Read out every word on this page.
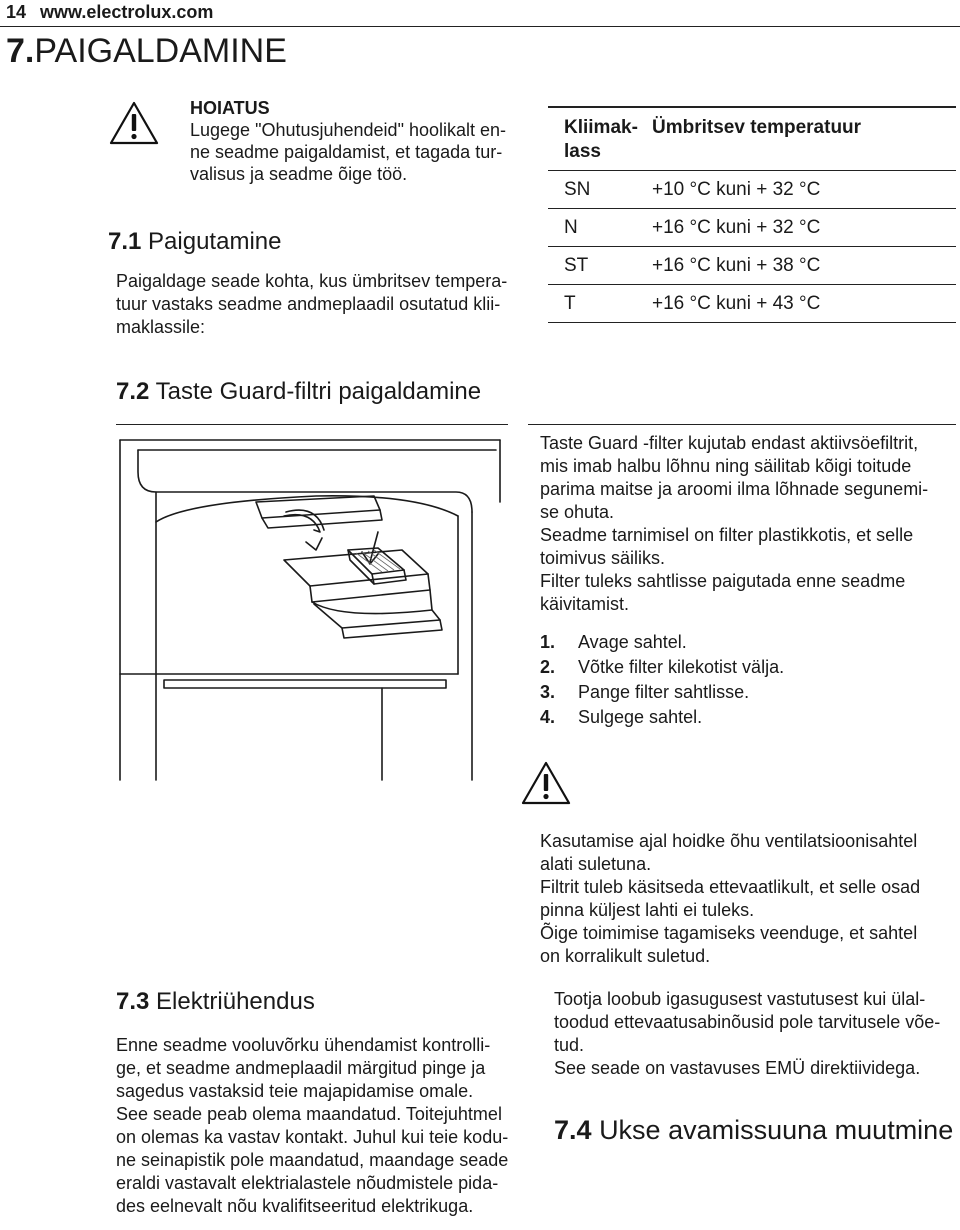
14 www.electrolux.com
7.PAIGALDAMINE
HOIATUS
Lugege "Ohutusjuhendeid" hoolikalt en-
ne seadme paigaldamist, et tagada tur-
valisus ja seadme õige töö.
7.1 Paigutamine
Paigaldage seade kohta, kus ümbritsev tempera-
tuur vastaks seadme andmeplaadil osutatud klii-
maklassile:
Kliimak-
lass	Ümbritsev temperatuur
SN	+10 °C kuni + 32 °C
N	+16 °C kuni + 32 °C
ST	+16 °C kuni + 38 °C
T	+16 °C kuni + 43 °C
7.2 Taste Guard-filtri paigaldamine
Taste Guard -filter kujutab endast aktiivsöefiltrit,
mis imab halbu lõhnu ning säilitab kõigi toitude
parima maitse ja aroomi ilma lõhnade segunemi-
se ohuta.
Seadme tarnimisel on filter plastikkotis, et selle
toimivus säiliks.
Filter tuleks sahtlisse paigutada enne seadme
käivitamist.
1.	Avage sahtel.
2.	Võtke filter kilekotist välja.
3.	Pange filter sahtlisse.
4.	Sulgege sahtel.
Kasutamise ajal hoidke õhu ventilatsioonisahtel
alati suletuna.
Filtrit tuleb käsitseda ettevaatlikult, et selle osad
pinna küljest lahti ei tuleks.
Õige toimimise tagamiseks veenduge, et sahtel
on korralikult suletud.
7.3 Elektriühendus
Enne seadme vooluvõrku ühendamist kontrolli-
ge, et seadme andmeplaadil märgitud pinge ja
sagedus vastaksid teie majapidamise omale.
See seade peab olema maandatud. Toitejuhtmel
on olemas ka vastav kontakt. Juhul kui teie kodu-
ne seinapistik pole maandatud, maandage seade
eraldi vastavalt elektrialastele nõudmistele pida-
des eelnevalt nõu kvalifitseeritud elektrikuga.
Tootja loobub igasugusest vastutusest kui ülal-
toodud ettevaatusabinõusid pole tarvitusele võe-
tud.
See seade on vastavuses EMÜ direktiividega.
7.4 Ukse avamissuuna muutmine
